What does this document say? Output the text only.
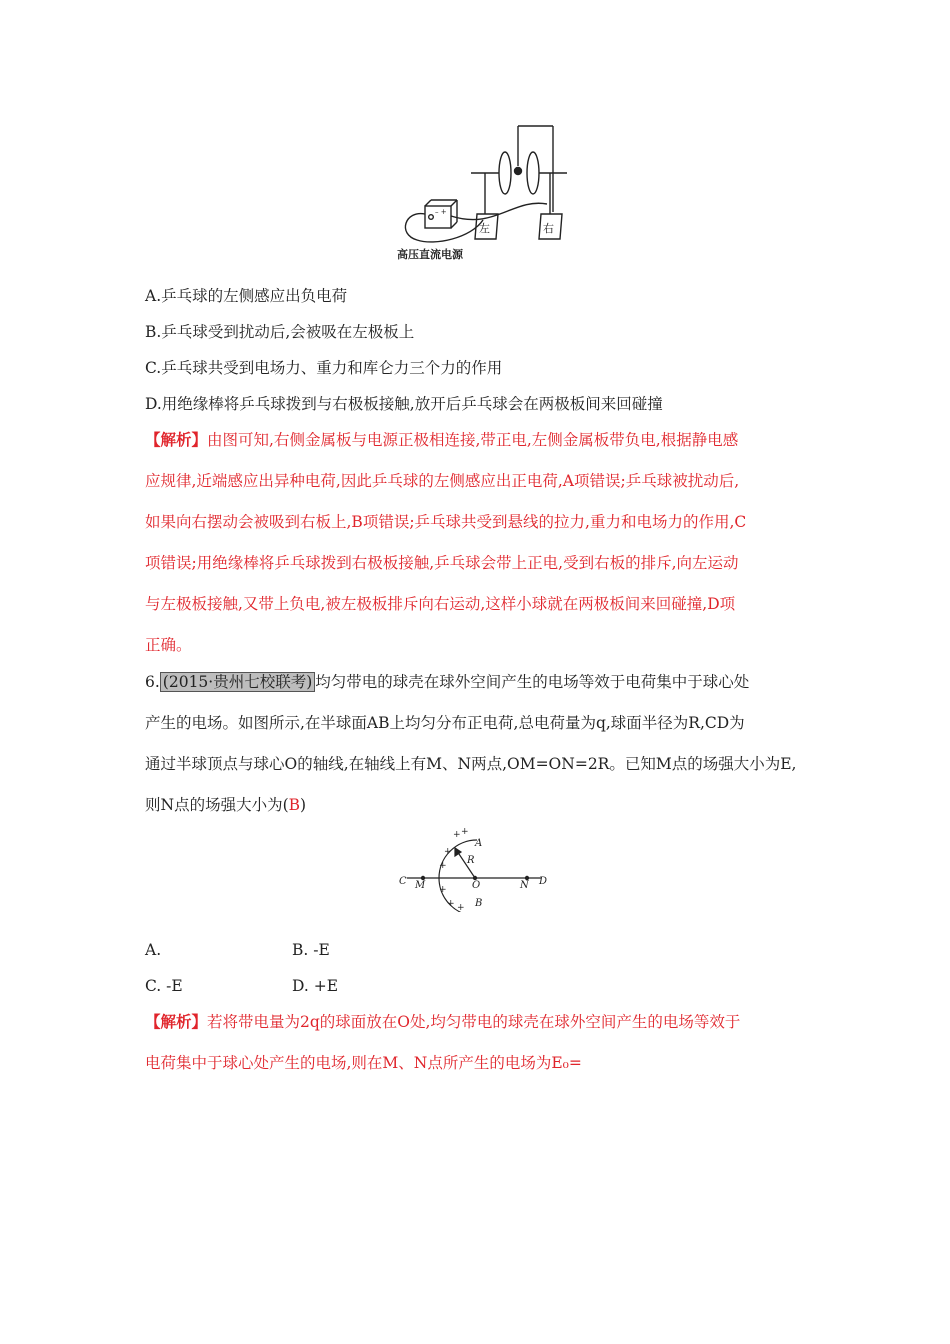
– +
左	右
高压直流电源
A.乒乓球的左侧感应出负电荷
B.乒乓球受到扰动后,会被吸在左极板上
C.乒乓球共受到电场力、重力和库仑力三个力的作用
D.用绝缘棒将乒乓球拨到与右极板接触,放开后乒乓球会在两极板间来回碰撞
【解析】由图可知,右侧金属板与电源正极相连接,带正电,左侧金属板带负电,根据静电感
应规律,近端感应出异种电荷,因此乒乓球的左侧感应出正电荷,A项错误;乒乓球被扰动后,
如果向右摆动会被吸到右板上,B项错误;乒乓球共受到悬线的拉力,重力和电场力的作用,C
项错误;用绝缘棒将乒乓球拨到右极板接触,乒乓球会带上正电,受到右板的排斥,向左运动
与左极板接触,又带上负电,被左极板排斥向右运动,这样小球就在两极板间来回碰撞,D项
正确。
6. (2015·贵州七校联考) 均匀带电的球壳在球外空间产生的电场等效于电荷集中于球心处
产生的电场。如图所示,在半球面AB上均匀分布正电荷,总电荷量为q,球面半径为R,CD为
通过半球顶点与球心O的轴线,在轴线上有M、N两点,OM=ON=2R。已知M点的场强大小为E,
则N点的场强大小为(B)
C M	O	N D
A
B
R
+ +
+
+
+
+ +
A.	B. -E
C. -E	D. +E
【解析】若将带电量为2q的球面放在O处,均匀带电的球壳在球外空间产生的电场等效于
电荷集中于球心处产生的电场,则在M、N点所产生的电场为E₀=
